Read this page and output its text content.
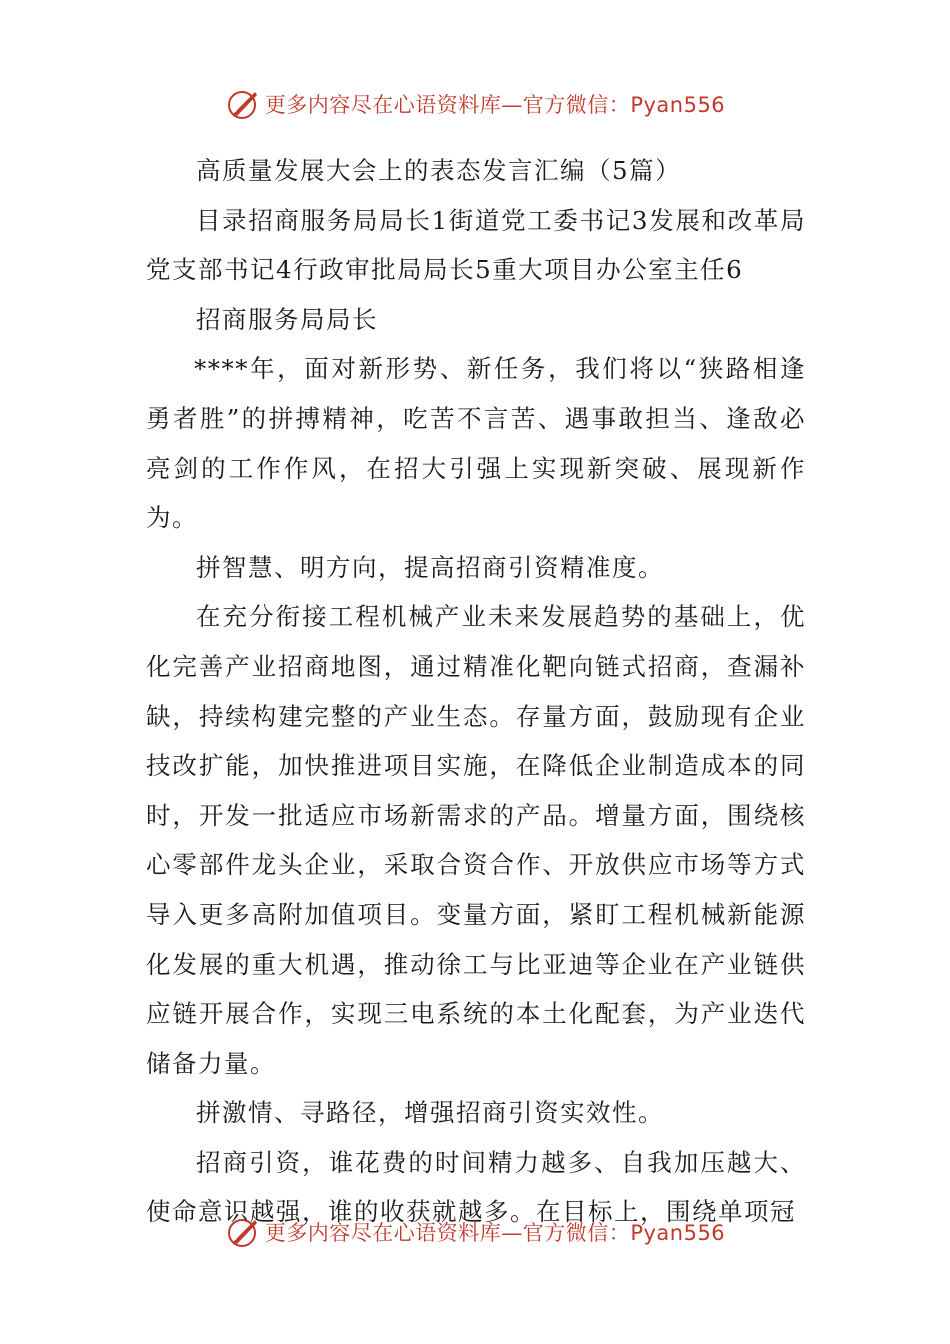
更多内容尽在心语资料库—官方微信：Pyan556

高质量发展大会上的表态发言汇编（5篇）

目录招商服务局局长1街道党工委书记3发展和改革局党支部书记4行政审批局局长5重大项目办公室主任6

招商服务局局长

****年，面对新形势、新任务，我们将以“狭路相逢勇者胜”的拼搏精神，吃苦不言苦、遇事敢担当、逢敌必亮剑的工作作风，在招大引强上实现新突破、展现新作为。

拼智慧、明方向，提高招商引资精准度。

在充分衔接工程机械产业未来发展趋势的基础上，优化完善产业招商地图，通过精准化靶向链式招商，查漏补缺，持续构建完整的产业生态。存量方面，鼓励现有企业技改扩能，加快推进项目实施，在降低企业制造成本的同时，开发一批适应市场新需求的产品。增量方面，围绕核心零部件龙头企业，采取合资合作、开放供应市场等方式导入更多高附加值项目。变量方面，紧盯工程机械新能源化发展的重大机遇，推动徐工与比亚迪等企业在产业链供应链开展合作，实现三电系统的本土化配套，为产业迭代储备力量。

拼激情、寻路径，增强招商引资实效性。

招商引资，谁花费的时间精力越多、自我加压越大、使命意识越强，谁的收获就越多。在目标上，围绕单项冠

更多内容尽在心语资料库—官方微信：Pyan556
